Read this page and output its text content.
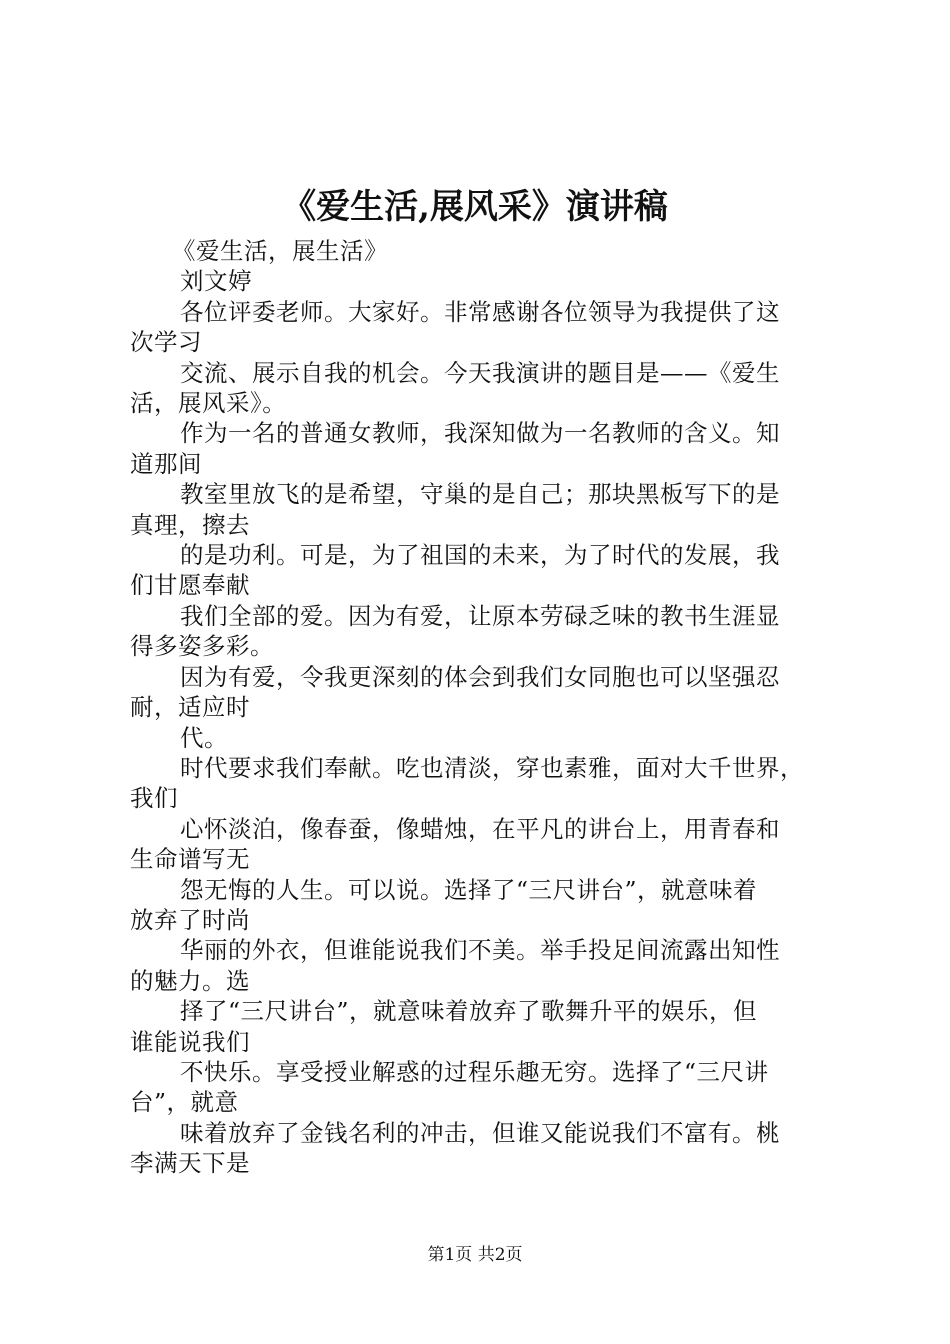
《爱生活,展风采》演讲稿

《爱生活，展生活》

刘文婷

各位评委老师。大家好。非常感谢各位领导为我提供了这

次学习

交流、展示自我的机会。今天我演讲的题目是——《爱生

活，展风采》。

作为一名的普通女教师，我深知做为一名教师的含义。知

道那间

教室里放飞的是希望，守巢的是自己；那块黑板写下的是

真理，擦去

的是功利。可是，为了祖国的未来，为了时代的发展，我

们甘愿奉献

我们全部的爱。因为有爱，让原本劳碌乏味的教书生涯显

得多姿多彩。

因为有爱，令我更深刻的体会到我们女同胞也可以坚强忍

耐，适应时

代。

时代要求我们奉献。吃也清淡，穿也素雅，面对大千世界，

我们

心怀淡泊，像春蚕，像蜡烛，在平凡的讲台上，用青春和

生命谱写无

怨无悔的人生。可以说。选择了“三尺讲台”，就意味着

放弃了时尚

华丽的外衣，但谁能说我们不美。举手投足间流露出知性

的魅力。选

择了“三尺讲台”，就意味着放弃了歌舞升平的娱乐，但

谁能说我们

不快乐。享受授业解惑的过程乐趣无穷。选择了“三尺讲

台”，就意

味着放弃了金钱名利的冲击，但谁又能说我们不富有。桃

李满天下是

第1页 共2页
